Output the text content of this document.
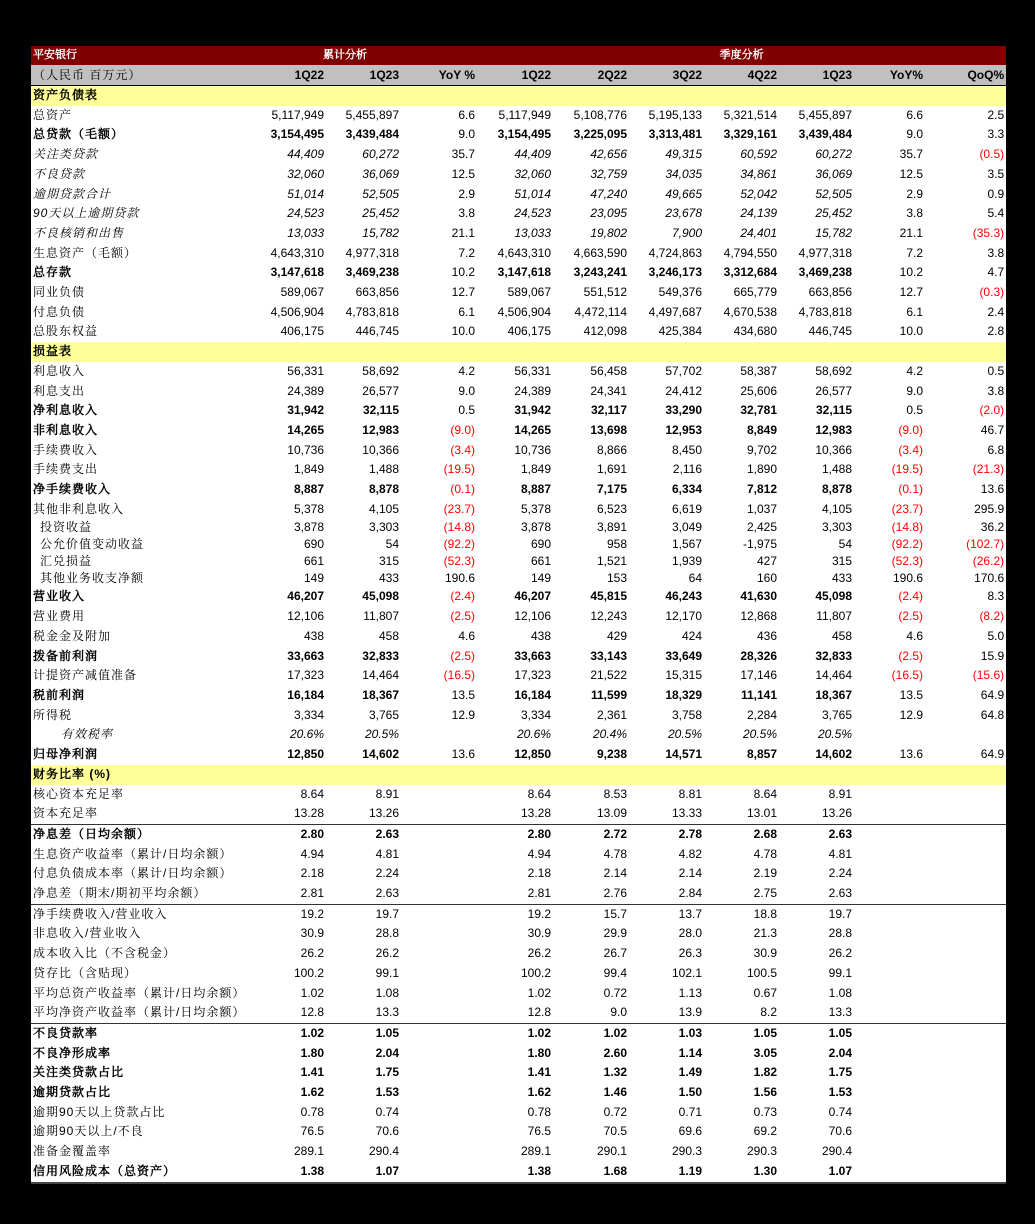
平安银行	累计分析			季度分析						
（人民币 百万元）	1Q22	1Q23	YoY %	1Q22	2Q22	3Q22	4Q22	1Q23	YoY%	QoQ%
资产负债表										
总资产	5,117,949	5,455,897	6.6	5,117,949	5,108,776	5,195,133	5,321,514	5,455,897	6.6	2.5
总贷款（毛额）	3,154,495	3,439,484	9.0	3,154,495	3,225,095	3,313,481	3,329,161	3,439,484	9.0	3.3
关注类贷款	44,409	60,272	35.7	44,409	42,656	49,315	60,592	60,272	35.7	(0.5)
不良贷款	32,060	36,069	12.5	32,060	32,759	34,035	34,861	36,069	12.5	3.5
逾期贷款合计	51,014	52,505	2.9	51,014	47,240	49,665	52,042	52,505	2.9	0.9
90天以上逾期贷款	24,523	25,452	3.8	24,523	23,095	23,678	24,139	25,452	3.8	5.4
不良核销和出售	13,033	15,782	21.1	13,033	19,802	7,900	24,401	15,782	21.1	(35.3)
生息资产（毛额）	4,643,310	4,977,318	7.2	4,643,310	4,663,590	4,724,863	4,794,550	4,977,318	7.2	3.8
总存款	3,147,618	3,469,238	10.2	3,147,618	3,243,241	3,246,173	3,312,684	3,469,238	10.2	4.7
同业负债	589,067	663,856	12.7	589,067	551,512	549,376	665,779	663,856	12.7	(0.3)
付息负债	4,506,904	4,783,818	6.1	4,506,904	4,472,114	4,497,687	4,670,538	4,783,818	6.1	2.4
总股东权益	406,175	446,745	10.0	406,175	412,098	425,384	434,680	446,745	10.0	2.8
损益表										
利息收入	56,331	58,692	4.2	56,331	56,458	57,702	58,387	58,692	4.2	0.5
利息支出	24,389	26,577	9.0	24,389	24,341	24,412	25,606	26,577	9.0	3.8
净利息收入	31,942	32,115	0.5	31,942	32,117	33,290	32,781	32,115	0.5	(2.0)
非利息收入	14,265	12,983	(9.0)	14,265	13,698	12,953	8,849	12,983	(9.0)	46.7
手续费收入	10,736	10,366	(3.4)	10,736	8,866	8,450	9,702	10,366	(3.4)	6.8
手续费支出	1,849	1,488	(19.5)	1,849	1,691	2,116	1,890	1,488	(19.5)	(21.3)
净手续费收入	8,887	8,878	(0.1)	8,887	7,175	6,334	7,812	8,878	(0.1)	13.6
其他非利息收入	5,378	4,105	(23.7)	5,378	6,523	6,619	1,037	4,105	(23.7)	295.9
投资收益	3,878	3,303	(14.8)	3,878	3,891	3,049	2,425	3,303	(14.8)	36.2
公允价值变动收益	690	54	(92.2)	690	958	1,567	-1,975	54	(92.2)	(102.7)
汇兑损益	661	315	(52.3)	661	1,521	1,939	427	315	(52.3)	(26.2)
其他业务收支净额	149	433	190.6	149	153	64	160	433	190.6	170.6
营业收入	46,207	45,098	(2.4)	46,207	45,815	46,243	41,630	45,098	(2.4)	8.3
营业费用	12,106	11,807	(2.5)	12,106	12,243	12,170	12,868	11,807	(2.5)	(8.2)
税金金及附加	438	458	4.6	438	429	424	436	458	4.6	5.0
拨备前利润	33,663	32,833	(2.5)	33,663	33,143	33,649	28,326	32,833	(2.5)	15.9
计提资产减值准备	17,323	14,464	(16.5)	17,323	21,522	15,315	17,146	14,464	(16.5)	(15.6)
税前利润	16,184	18,367	13.5	16,184	11,599	18,329	11,141	18,367	13.5	64.9
所得税	3,334	3,765	12.9	3,334	2,361	3,758	2,284	3,765	12.9	64.8
有效税率	20.6%	20.5%		20.6%	20.4%	20.5%	20.5%	20.5%		
归母净利润	12,850	14,602	13.6	12,850	9,238	14,571	8,857	14,602	13.6	64.9
财务比率 (%)										
核心资本充足率	8.64	8.91		8.64	8.53	8.81	8.64	8.91		
资本充足率	13.28	13.26		13.28	13.09	13.33	13.01	13.26		
净息差（日均余额）	2.80	2.63		2.80	2.72	2.78	2.68	2.63		
生息资产收益率（累计/日均余额）	4.94	4.81		4.94	4.78	4.82	4.78	4.81		
付息负债成本率（累计/日均余额）	2.18	2.24		2.18	2.14	2.14	2.19	2.24		
净息差（期末/期初平均余额）	2.81	2.63		2.81	2.76	2.84	2.75	2.63		
净手续费收入/营业收入	19.2	19.7		19.2	15.7	13.7	18.8	19.7		
非息收入/营业收入	30.9	28.8		30.9	29.9	28.0	21.3	28.8		
成本收入比（不含税金）	26.2	26.2		26.2	26.7	26.3	30.9	26.2		
贷存比（含贴现）	100.2	99.1		100.2	99.4	102.1	100.5	99.1		
平均总资产收益率（累计/日均余额）	1.02	1.08		1.02	0.72	1.13	0.67	1.08		
平均净资产收益率（累计/日均余额）	12.8	13.3		12.8	9.0	13.9	8.2	13.3		
不良贷款率	1.02	1.05		1.02	1.02	1.03	1.05	1.05		
不良净形成率	1.80	2.04		1.80	2.60	1.14	3.05	2.04		
关注类贷款占比	1.41	1.75		1.41	1.32	1.49	1.82	1.75		
逾期贷款占比	1.62	1.53		1.62	1.46	1.50	1.56	1.53		
逾期90天以上贷款占比	0.78	0.74		0.78	0.72	0.71	0.73	0.74		
逾期90天以上/不良	76.5	70.6		76.5	70.5	69.6	69.2	70.6		
准备金覆盖率	289.1	290.4		289.1	290.1	290.3	290.3	290.4		
信用风险成本（总资产）	1.38	1.07		1.38	1.68	1.19	1.30	1.07		
